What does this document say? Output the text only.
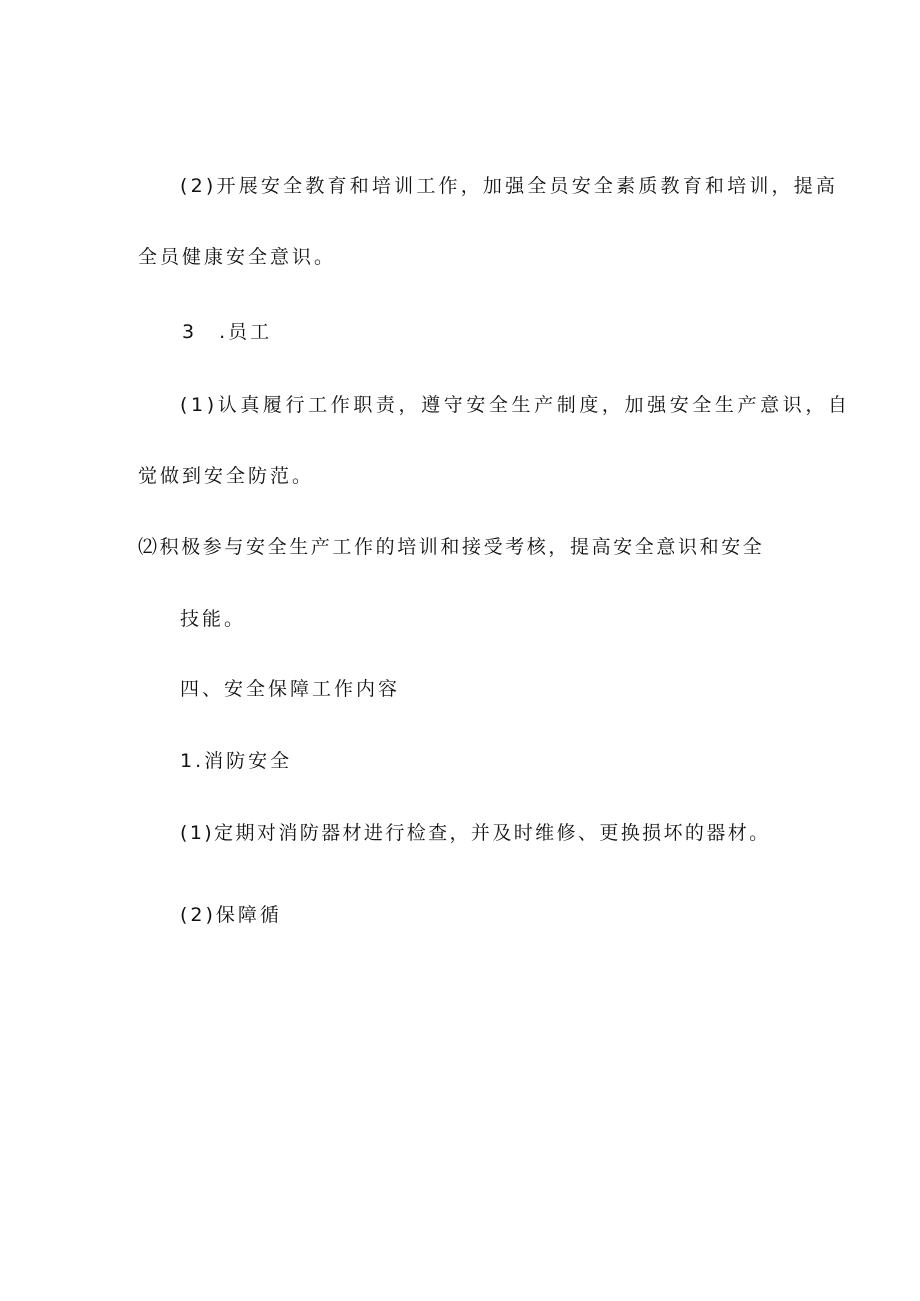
(2)开展安全教育和培训工作，加强全员安全素质教育和培训，提高
全员健康安全意识。
3　.员工
(1)认真履行工作职责，遵守安全生产制度，加强安全生产意识，自
觉做到安全防范。
⑵积极参与安全生产工作的培训和接受考核，提高安全意识和安全
技能。
四、安全保障工作内容
1.消防安全
(1)定期对消防器材进行检查，并及时维修、更换损坏的器材。
(2)保障循
